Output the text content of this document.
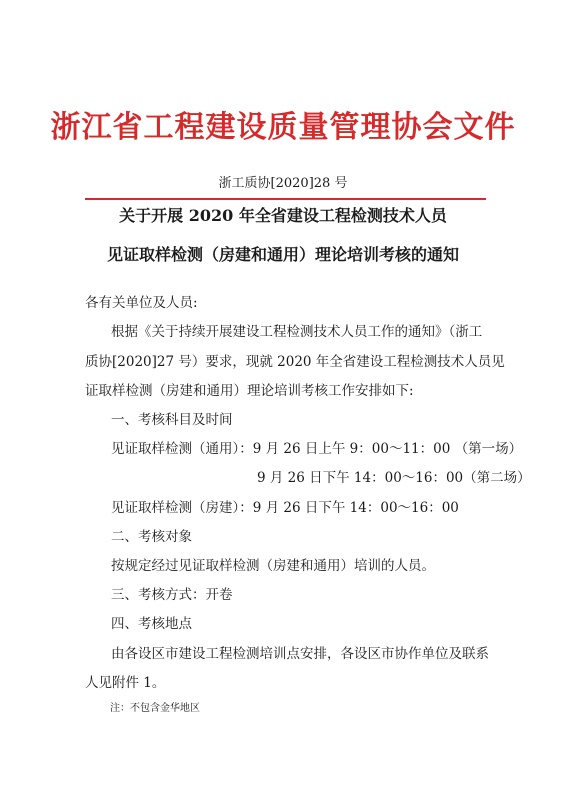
浙江省工程建设质量管理协会文件
浙工质协[2020]28 号
关于开展 2020 年全省建设工程检测技术人员
见证取样检测（房建和通用）理论培训考核的通知
各有关单位及人员:
根据《关于持续开展建设工程检测技术人员工作的通知》（浙工
质协[2020]27 号）要求，现就 2020 年全省建设工程检测技术人员见
证取样检测（房建和通用）理论培训考核工作安排如下:
一、考核科目及时间
见证取样检测（通用）：9 月 26 日上午 9：00～11：00 （第一场）
9 月 26 日下午 14：00～16：00（第二场）
见证取样检测（房建）：9 月 26 日下午 14：00～16：00
二、考核对象
按规定经过见证取样检测（房建和通用）培训的人员。
三、考核方式：开卷
四、考核地点
由各设区市建设工程检测培训点安排，各设区市协作单位及联系
人见附件 1。
注：不包含金华地区
